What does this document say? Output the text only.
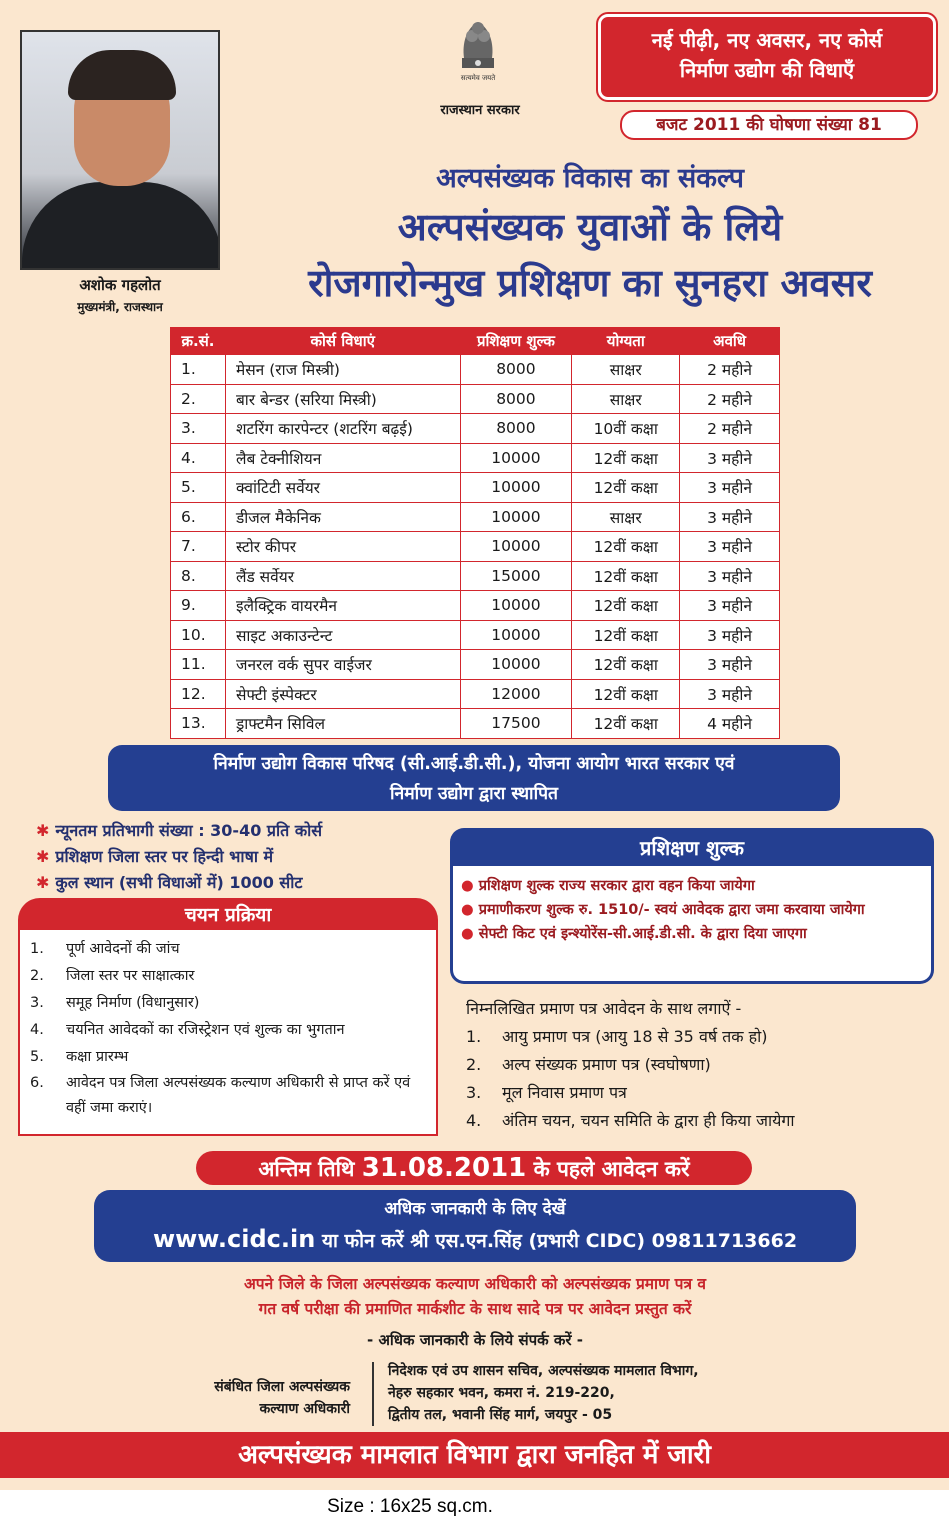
अशोक गहलोत
मुख्यमंत्री, राजस्थान
सत्यमेव जयते
राजस्थान सरकार
नई पीढ़ी, नए अवसर, नए कोर्स
निर्माण उद्योग की विधाएँ
बजट 2011 की घोषणा संख्या 81
अल्पसंख्यक विकास का संकल्प
अल्पसंख्यक युवाओं के लिये
रोजगारोन्मुख प्रशिक्षण का सुनहरा अवसर
क्र.सं.	कोर्स विधाएं	प्रशिक्षण शुल्क	योग्यता	अवधि
1.	मेसन (राज मिस्त्री)	8000	साक्षर	2 महीने
2.	बार बेन्डर (सरिया मिस्त्री)	8000	साक्षर	2 महीने
3.	शटरिंग कारपेन्टर (शटरिंग बढ़ई)	8000	10वीं कक्षा	2 महीने
4.	लैब टेक्नीशियन	10000	12वीं कक्षा	3 महीने
5.	क्वांटिटी सर्वेयर	10000	12वीं कक्षा	3 महीने
6.	डीजल मैकेनिक	10000	साक्षर	3 महीने
7.	स्टोर कीपर	10000	12वीं कक्षा	3 महीने
8.	लैंड सर्वेयर	15000	12वीं कक्षा	3 महीने
9.	इलैक्ट्रिक वायरमैन	10000	12वीं कक्षा	3 महीने
10.	साइट अकाउन्टेन्ट	10000	12वीं कक्षा	3 महीने
11.	जनरल वर्क सुपर वाईजर	10000	12वीं कक्षा	3 महीने
12.	सेफ्टी इंस्पेक्टर	12000	12वीं कक्षा	3 महीने
13.	ड्राफ्टमैन सिविल	17500	12वीं कक्षा	4 महीने
निर्माण उद्योग विकास परिषद (सी.आई.डी.सी.), योजना आयोग भारत सरकार एवं
निर्माण उद्योग द्वारा स्थापित
✱ न्यूनतम प्रतिभागी संख्या : 30-40 प्रति कोर्स
✱ प्रशिक्षण जिला स्तर पर हिन्दी भाषा में
✱ कुल स्थान (सभी विधाओं में) 1000 सीट
चयन प्रक्रिया
1.	पूर्ण आवेदनों की जांच
2.	जिला स्तर पर साक्षात्कार
3.	समूह निर्माण (विधानुसार)
4.	चयनित आवेदकों का रजिस्ट्रेशन एवं शुल्क का भुगतान
5.	कक्षा प्रारम्भ
6.	आवेदन पत्र जिला अल्पसंख्यक कल्याण अधिकारी से प्राप्त करें एवं वहीं जमा कराएं।
प्रशिक्षण शुल्क
● प्रशिक्षण शुल्क राज्य सरकार द्वारा वहन किया जायेगा
● प्रमाणीकरण शुल्क रु. 1510/- स्वयं आवेदक द्वारा जमा करवाया जायेगा
● सेफ्टी किट एवं इन्श्योरेंस-सी.आई.डी.सी. के द्वारा दिया जाएगा
निम्नलिखित प्रमाण पत्र आवेदन के साथ लगाऐं -
1.	आयु प्रमाण पत्र (आयु 18 से 35 वर्ष तक हो)
2.	अल्प संख्यक प्रमाण पत्र (स्वघोषणा)
3.	मूल निवास प्रमाण पत्र
4.	अंतिम चयन, चयन समिति के द्वारा ही किया जायेगा
अन्तिम तिथि 31.08.2011 के पहले आवेदन करें
अधिक जानकारी के लिए देखें
www.cidc.in या फोन करें श्री एस.एन.सिंह (प्रभारी CIDC) 09811713662
अपने जिले के जिला अल्पसंख्यक कल्याण अधिकारी को अल्पसंख्यक प्रमाण पत्र व
गत वर्ष परीक्षा की प्रमाणित मार्कशीट के साथ सादे पत्र पर आवेदन प्रस्तुत करें
- अधिक जानकारी के लिये संपर्क करें -
संबंधित जिला अल्पसंख्यक
कल्याण अधिकारी
निदेशक एवं उप शासन सचिव, अल्पसंख्यक मामलात विभाग,
नेहरु सहकार भवन, कमरा नं. 219-220,
द्वितीय तल, भवानी सिंह मार्ग, जयपुर - 05
अल्पसंख्यक मामलात विभाग द्वारा जनहित में जारी
Size : 16x25 sq.cm.
